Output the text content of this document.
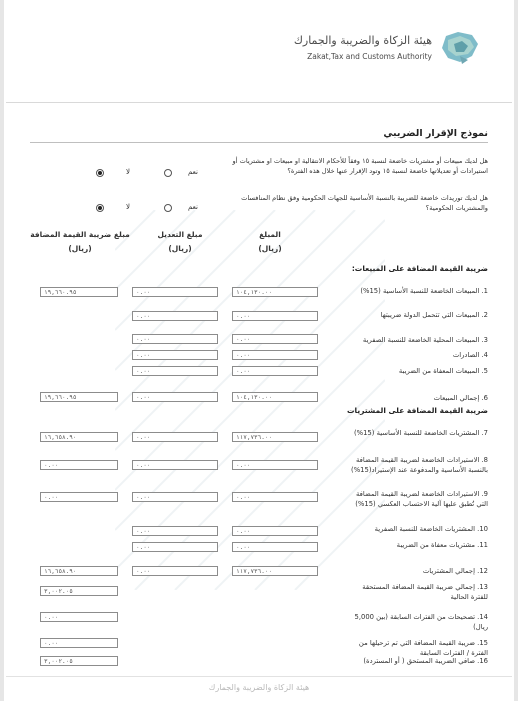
هيئة الزكاة والضريبة والجمارك
Zakat,Tax and Customs Authority
نموذج الإقرار الضريبي
هل لديك مبيعات أو مشتريات خاضعة لنسبة ١٥ وفقاً للأحكام الانتقالية او مبيعات او مشتريات أو استيرادات أو تعديلاتها خاضعة لنسبة ١٥ وتود الإقرار عنها خلال هذه الفترة؟
نعم
لا
هل لديك توريدات خاضعة للضريبة بالنسبة الأساسية للجهات الحكومية وفق نظام المنافسات والمشتريات الحكومية؟
نعم
لا
مبلغ ضريبة القيمة المضافة
(ريال)
مبلغ التعديل
(ريال)
المبلغ
(ريال)
ضريبة القيمة المضافة على المبيعات:
ضريبة القيمة المضافة على المشتريات
1. المبيعات الخاضعة للنسبة الأساسية (15%)
١٠٤,١٣٠.٠٠
٠.٠٠
١٩,٦٦٠.٩٥
2. المبيعات التي تتحمل الدولة ضريبتها
٠.٠٠
٠.٠٠
3. المبيعات المحلية الخاضعة للنسبة الصفرية
٠.٠٠
٠.٠٠
4. الصادرات
٠.٠٠
٠.٠٠
5. المبيعات المعفاة من الضريبة
٠.٠٠
٠.٠٠
6. إجمالي المبيعات
١٠٤,١٣٠.٠٠
٠.٠٠
١٩,٦٦٠.٩٥
7. المشتريات الخاضعة للنسبة الأساسية (15%)
١١٧,٧٣٦.٠٠
٠.٠٠
١٦,٦٥٨.٩٠
8. الاستيرادات الخاضعة لضريبة القيمة المضافة بالنسبة الأساسية والمدفوعة عند الإستيراد(15%)
٠.٠٠
٠.٠٠
٠.٠٠
9. الاستيرادات الخاضعة لضريبة القيمة المضافة التي تُطبق عليها آلية الاحتساب العكسي (15%)
٠.٠٠
٠.٠٠
٠.٠٠
10. المشتريات الخاضعة للنسبة الصفرية
٠.٠٠
٠.٠٠
11. مشتريات معفاة من الضريبة
٠.٠٠
٠.٠٠
12. إجمالي المشتريات
١١٧,٧٣٦.٠٠
٠.٠٠
١٦,٦٥٨.٩٠
13. إجمالي ضريبة القيمة المضافة المستحقة للفترة الحالية
٣,٠٠٢.٠٥
14. تصحيحات من الفترات السابقة (بين 5,000 ريال)
٠.٠٠
15. ضريبة القيمة المضافة التي تم ترحيلها من الفترة / الفترات السابقة
٠.٠٠
16. صافي الضريبة المستحق ( أو المستردة)
٣,٠٠٢.٠٥
هيئة الزكاة والضريبة والجمارك
